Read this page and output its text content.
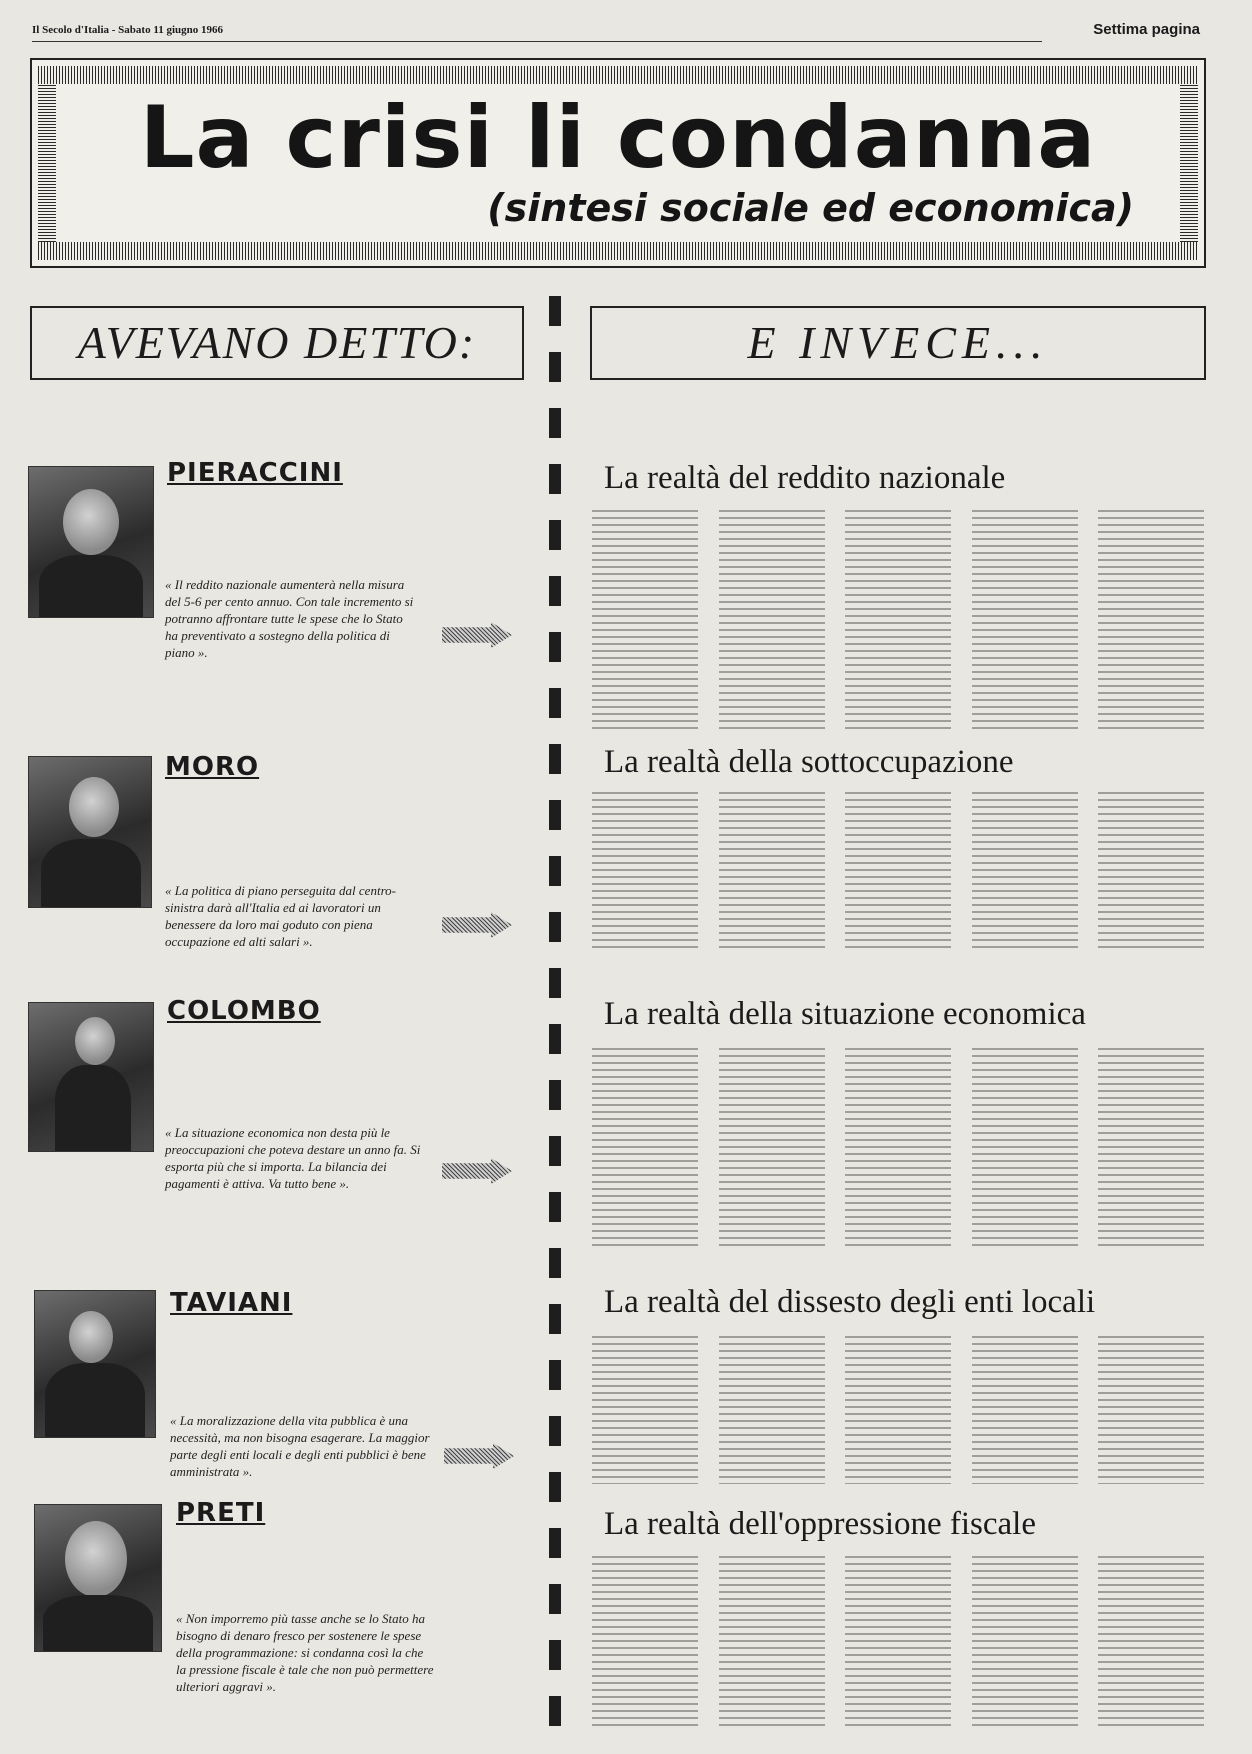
Il Secolo d'Italia - Sabato 11 giugno 1966	Settima pagina
La crisi li condanna
(sintesi sociale ed economica)
AVEVANO DETTO:	E INVECE...
PIERACCINI
« Il reddito nazionale aumenterà nella misura del 5-6 per cento annuo. Con tale incremento si potranno affrontare tutte le spese che lo Stato ha preventivato a sostegno della politica di piano ».
MORO
« La politica di piano perseguita dal centro-sinistra darà all'Italia ed ai lavoratori un benessere da loro mai goduto con piena occupazione ed alti salari ».
COLOMBO
« La situazione economica non desta più le preoccupazioni che poteva destare un anno fa. Si esporta più che si importa. La bilancia dei pagamenti è attiva. Va tutto bene ».
TAVIANI
« La moralizzazione della vita pubblica è una necessità, ma non bisogna esagerare. La maggior parte degli enti locali e degli enti pubblici è bene amministrata ».
PRETI
« Non imporremo più tasse anche se lo Stato ha bisogno di denaro fresco per sostenere le spese della programmazione: si condanna così la che la pressione fiscale è tale che non può permettere ulteriori aggravi ».
La realtà del reddito nazionale
La realtà della sottoccupazione
La realtà della situazione economica
La realtà del dissesto degli enti locali
La realtà dell'oppressione fiscale
